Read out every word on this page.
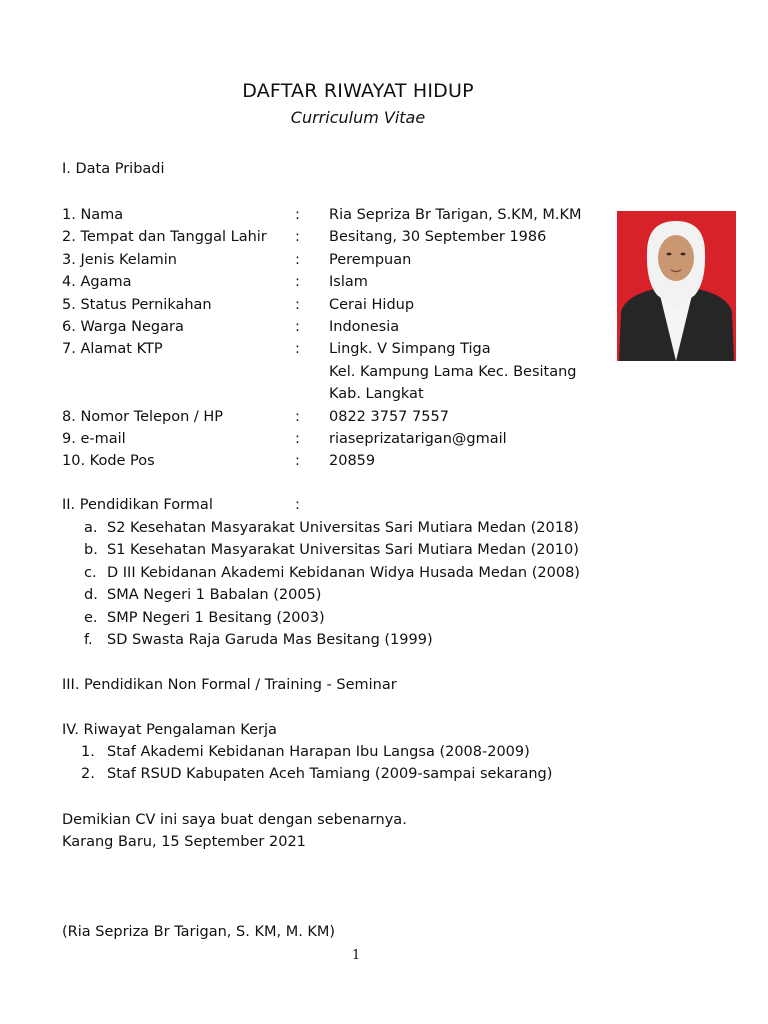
DAFTAR RIWAYAT HIDUP
Curriculum Vitae
I. Data Pribadi
1. Nama	: Ria Sepriza Br Tarigan, S.KM, M.KM
2. Tempat dan Tanggal Lahir : Besitang, 30 September 1986
3. Jenis Kelamin	: Perempuan
4. Agama	: Islam
5. Status Pernikahan	: Cerai Hidup
6. Warga Negara	: Indonesia
7. Alamat KTP	: Lingk. V Simpang Tiga
Kel. Kampung Lama Kec. Besitang
Kab. Langkat
8. Nomor Telepon / HP	: 0822 3757 7557
9. e-mail	: riaseprizatarigan@gmail
10. Kode Pos	: 20859
II. Pendidikan Formal	:
a. S2 Kesehatan Masyarakat Universitas Sari Mutiara Medan (2018)
b. S1 Kesehatan Masyarakat Universitas Sari Mutiara Medan (2010)
c. D III Kebidanan Akademi Kebidanan Widya Husada Medan (2008)
d. SMA Negeri 1 Babalan (2005)
e. SMP Negeri 1 Besitang (2003)
f. SD Swasta Raja Garuda Mas Besitang (1999)
III. Pendidikan Non Formal / Training - Seminar
IV. Riwayat Pengalaman Kerja
1. Staf Akademi Kebidanan Harapan Ibu Langsa (2008-2009)
2. Staf RSUD Kabupaten Aceh Tamiang (2009-sampai sekarang)
Demikian CV ini saya buat dengan sebenarnya.
Karang Baru, 15 September 2021
(Ria Sepriza Br Tarigan, S. KM, M. KM)
1
